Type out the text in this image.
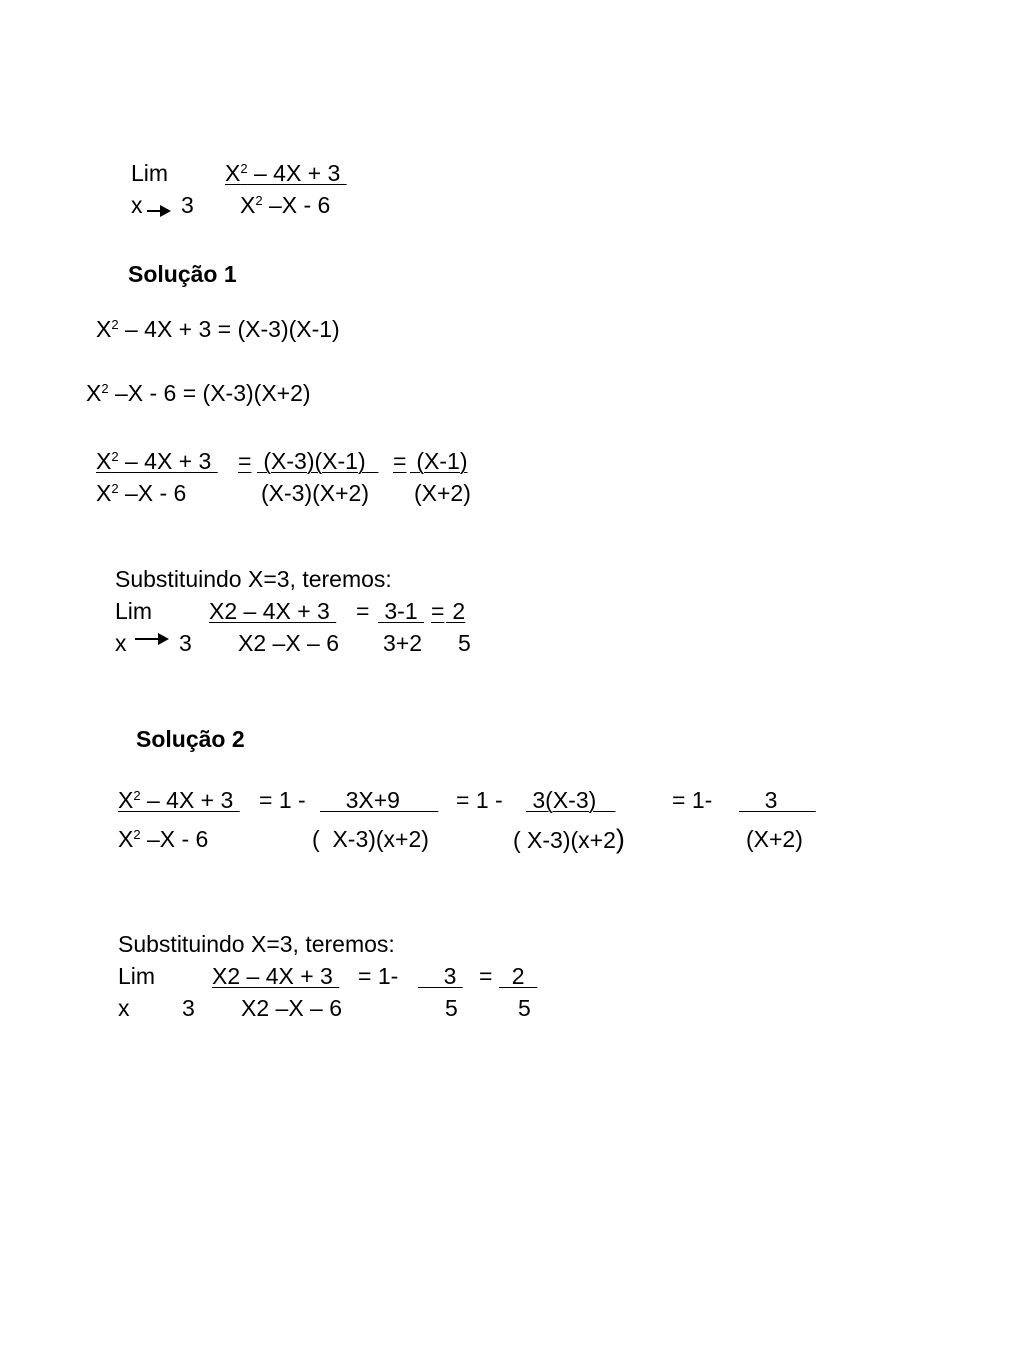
Lim $X^2 - 4X + 3$
$X^2$ –X - 6
x 3
Solução 1
$X^2 - 4X + 3 = (X-3)(X-1)$
$X^2$ –X - 6 = (X-3)(X+2)
$X^2 - 4X + 3$
$X^2$ –X - 6
= (X-3)(X-1)
(X-3)(X+2)
= (X-1)
(X+2)
Substituindo X=3, teremos:
Lim X2 – 4X + 3
X2 –X – 6
= 3-1
3+2
= 2
5
x 3
Solução 2
$X^2 - 4X + 3$
$X^2$ –X - 6
= 1 -	3X+9
(  X-3)(x+2)
= 1 - 3(X-3)
( X-3)(x+2)
= 1-	3
(X+2)
Substituindo X=3, teremos:
Lim X2 – 4X + 3
X2 –X – 6
= 1-	3
5
= 2
5
x 3
